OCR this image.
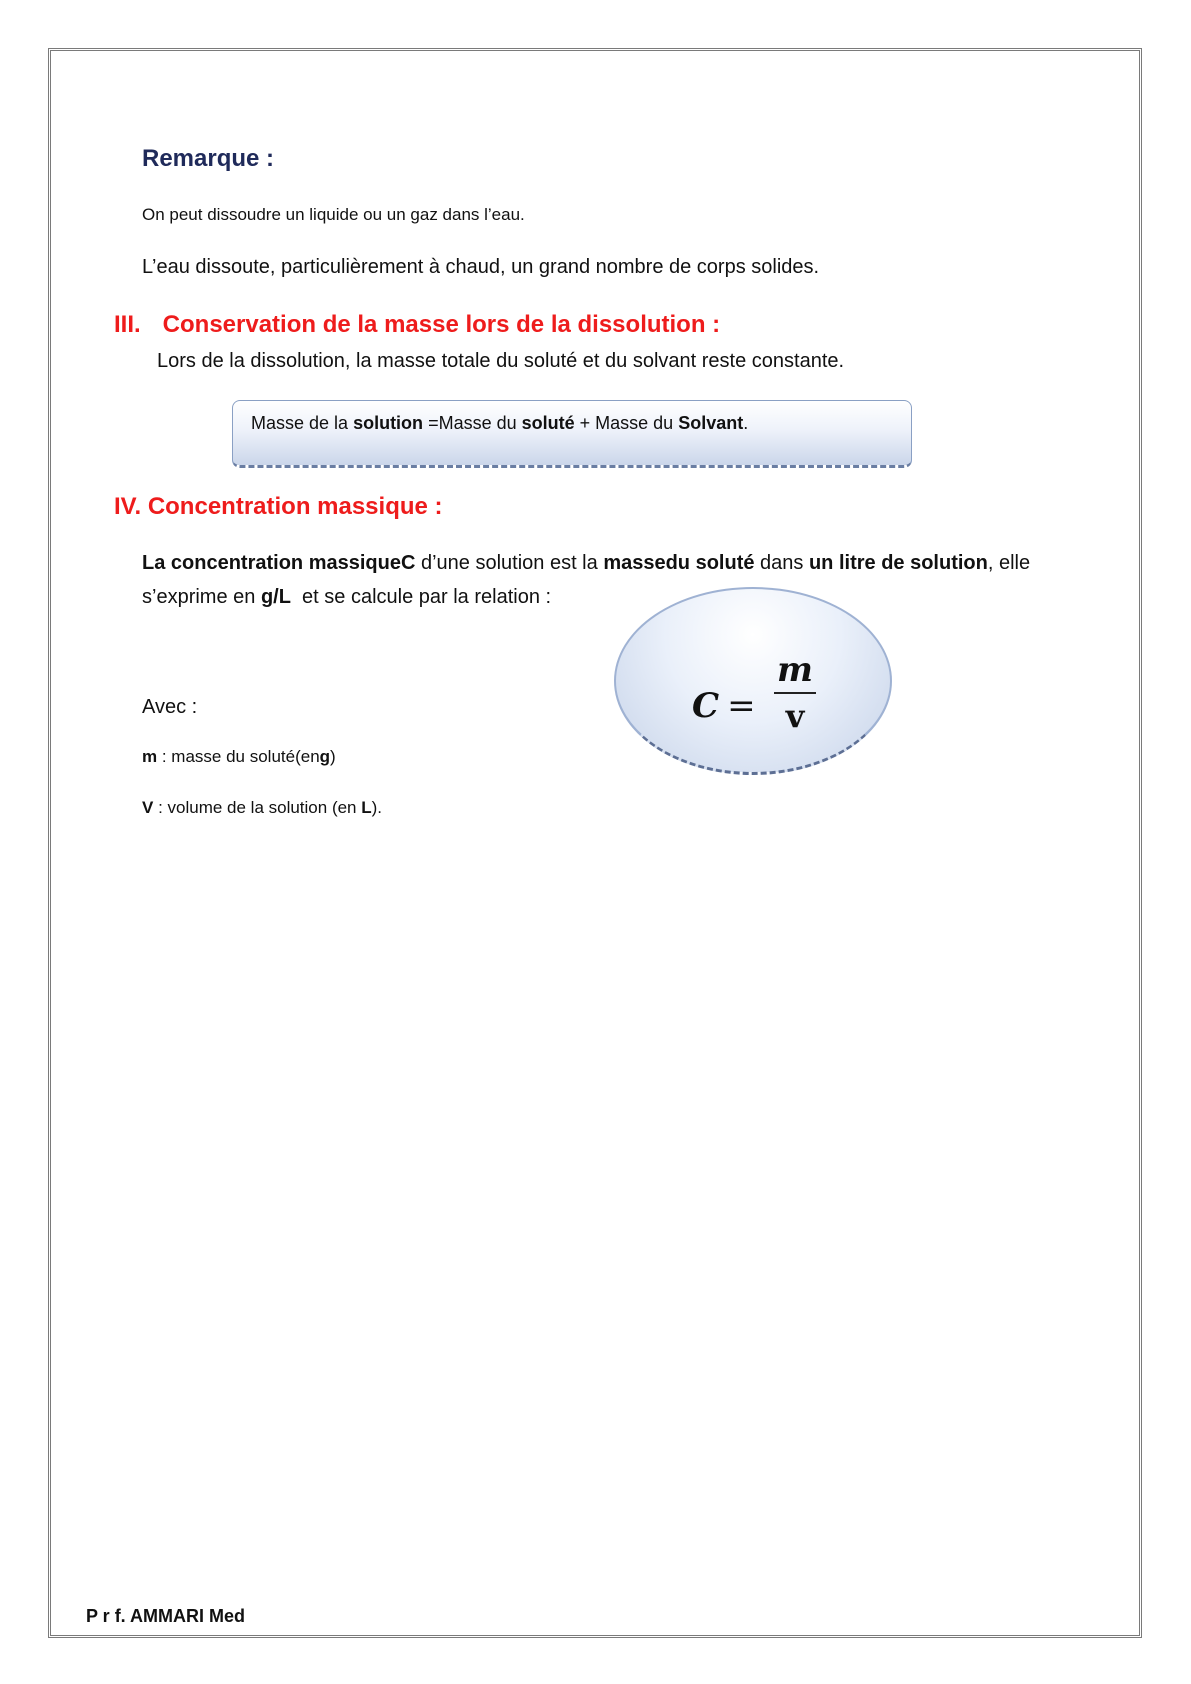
Remarque :
On peut dissoudre un liquide ou un gaz dans l’eau.
L’eau dissoute, particulièrement à chaud, un grand nombre de corps solides.
III. Conservation de la masse lors de la dissolution :
Lors de la dissolution, la masse totale du soluté et du solvant reste constante.
Masse de la solution =Masse du soluté + Masse du Solvant.
IV. Concentration massique :
La concentration massiqueC d’une solution est la massedu soluté dans un litre de solution, elle
s’exprime en g/L  et se calcule par la relation :
C =
m
v
Avec :
m : masse du soluté(eng)
V : volume de la solution (en L).
P r f. AMMARI Med
